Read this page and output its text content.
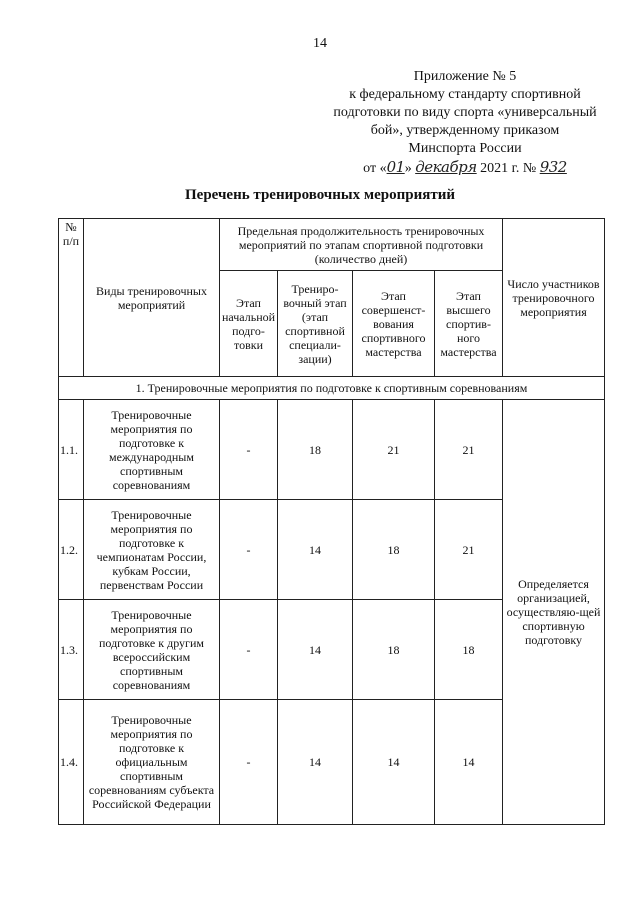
14
Приложение № 5
к федеральному стандарту спортивной
подготовки по виду спорта «универсальный
бой», утвержденному приказом
Минспорта России
от «01» декабря 2021 г. № 932
Перечень тренировочных мероприятий
№ п/п	Виды тренировочных мероприятий	Предельная продолжительность тренировочных мероприятий по этапам спортивной подготовки (количество дней)				Число участников тренировочного мероприятия
		Этап начальной подго-товки	Трениро-вочный этап (этап спортивной специали-зации)	Этап совершенст-вования спортивного мастерства	Этап высшего спортив-ного мастерства	
1. Тренировочные мероприятия по подготовке к спортивным соревнованиям						
1.1.	Тренировочные мероприятия по подготовке к международным спортивным соревнованиям	-	18	21	21	Определяется организацией, осуществляю-щей спортивную подготовку
1.2.	Тренировочные мероприятия по подготовке к чемпионатам России, кубкам России, первенствам России	-	14	18	21	
1.3.	Тренировочные мероприятия по подготовке к другим всероссийским спортивным соревнованиям	-	14	18	18	
1.4.	Тренировочные мероприятия по подготовке к официальным спортивным соревнованиям субъекта Российской Федерации	-	14	14	14	
